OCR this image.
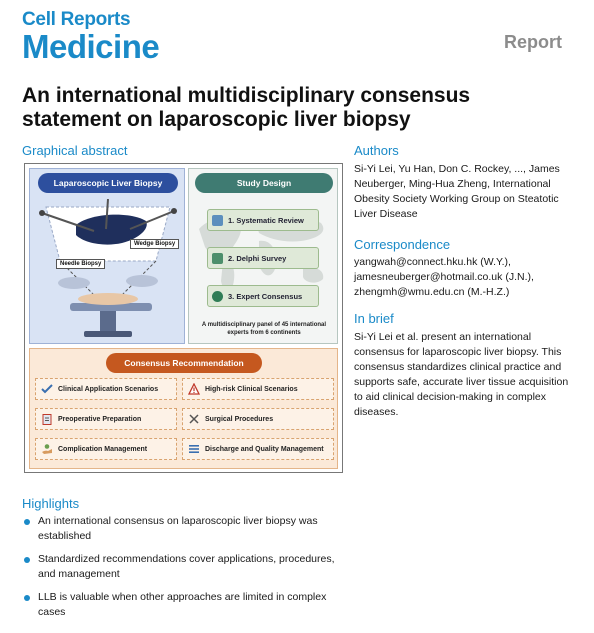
Cell Reports
Medicine	Report
An international multidisciplinary consensus statement on laparoscopic liver biopsy
Graphical abstract
Laparoscopic Liver Biopsy
Wedge Biopsy
Needle Biopsy
Study Design
1. Systematic Review
2. Delphi Survey
3. Expert Consensus
A multidisciplinary panel of 45 international experts from 6 continents
Consensus Recommendation
Clinical Application Scenarios	High-risk Clinical Scenarios
Preoperative Preparation	Surgical Procedures
Complication Management	Discharge and Quality Management
Authors
Si-Yi Lei, Yu Han, Don C. Rockey, ..., James Neuberger, Ming-Hua Zheng, International Obesity Society Working Group on Steatotic Liver Disease
Correspondence
yangwah@connect.hku.hk (W.Y.),
jamesneuberger@hotmail.co.uk (J.N.),
zhengmh@wmu.edu.cn (M.-H.Z.)
In brief
Si-Yi Lei et al. present an international consensus for laparoscopic liver biopsy. This consensus standardizes clinical practice and supports safe, accurate liver tissue acquisition to aid clinical decision-making in complex diseases.
Highlights
An international consensus on laparoscopic liver biopsy was established
Standardized recommendations cover applications, procedures, and management
LLB is valuable when other approaches are limited in complex cases
